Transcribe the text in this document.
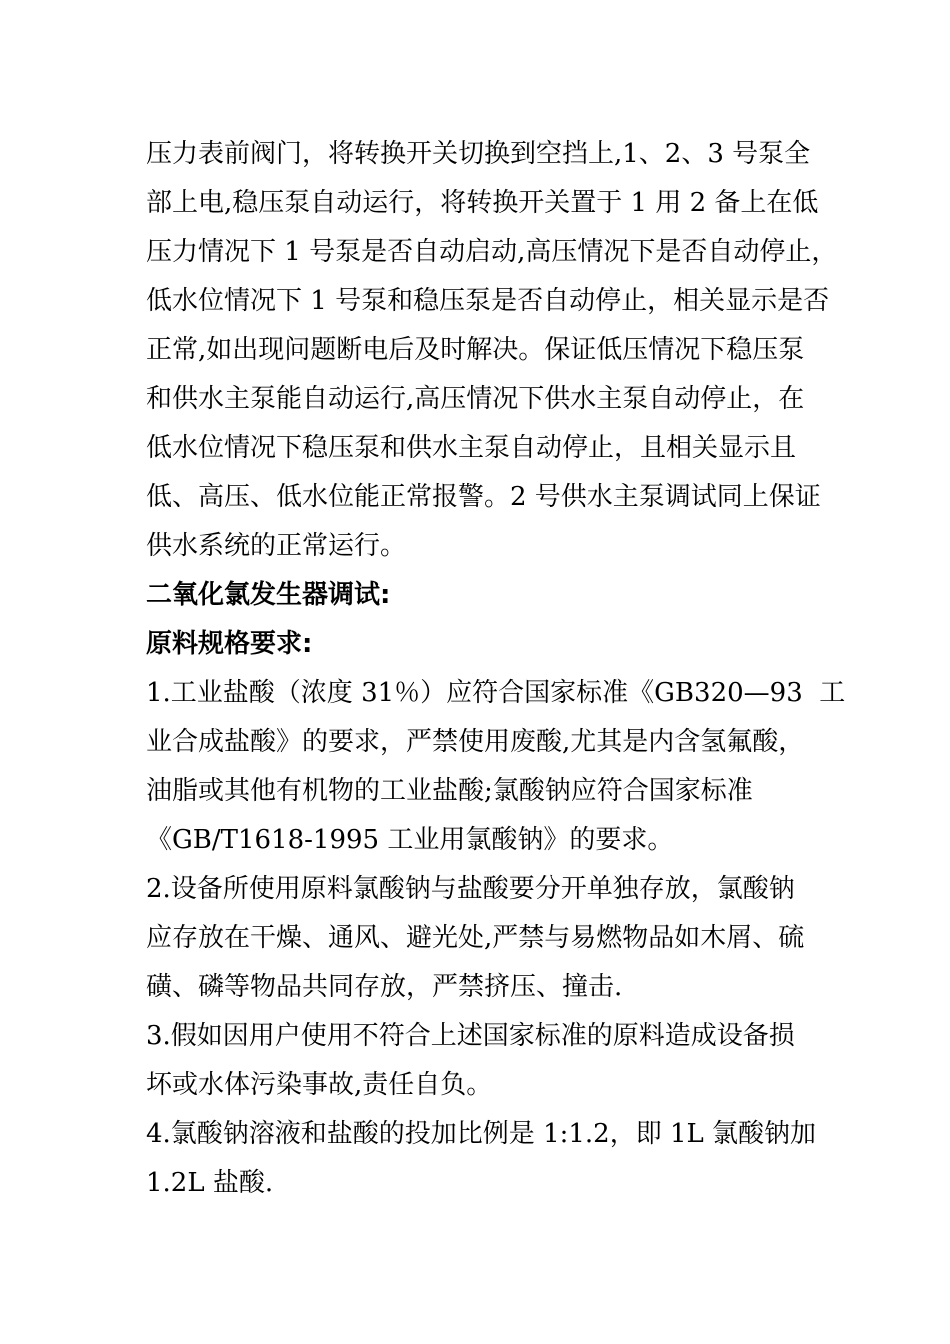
压力表前阀门，将转换开关切换到空挡上,1、2、3 号泵全
部上电,稳压泵自动运行，将转换开关置于 1 用 2 备上在低
压力情况下 1 号泵是否自动启动,高压情况下是否自动停止，
低水位情况下 1 号泵和稳压泵是否自动停止，相关显示是否
正常,如出现问题断电后及时解决。保证低压情况下稳压泵
和供水主泵能自动运行,高压情况下供水主泵自动停止，在
低水位情况下稳压泵和供水主泵自动停止，且相关显示且
低、高压、低水位能正常报警。2 号供水主泵调试同上保证
供水系统的正常运行。
二氧化氯发生器调试:
原料规格要求:
1.工业盐酸（浓度 31％）应符合国家标准《GB320—93  工
业合成盐酸》的要求，严禁使用废酸,尤其是内含氢氟酸，
油脂或其他有机物的工业盐酸;氯酸钠应符合国家标准
《GB/T1618-1995 工业用氯酸钠》的要求。
2.设备所使用原料氯酸钠与盐酸要分开单独存放，氯酸钠
应存放在干燥、通风、避光处,严禁与易燃物品如木屑、硫
磺、磷等物品共同存放，严禁挤压、撞击.
3.假如因用户使用不符合上述国家标准的原料造成设备损
坏或水体污染事故,责任自负。
4.氯酸钠溶液和盐酸的投加比例是 1:1.2，即 1L 氯酸钠加
1.2L 盐酸.
